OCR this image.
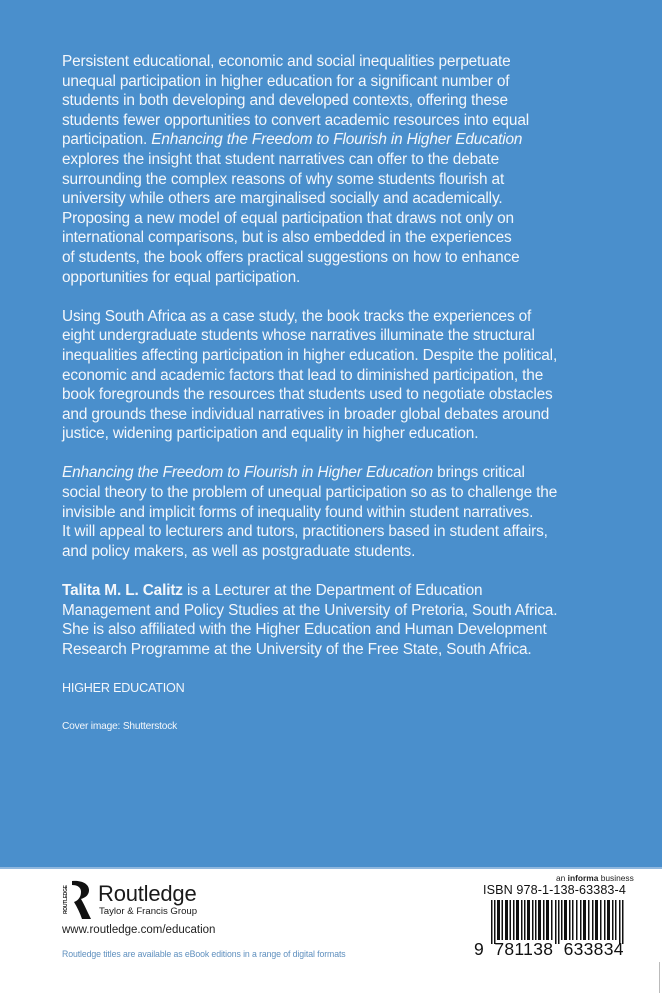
Persistent educational, economic and social inequalities perpetuate
unequal participation in higher education for a significant number of
students in both developing and developed contexts, offering these
students fewer opportunities to convert academic resources into equal
participation. Enhancing the Freedom to Flourish in Higher Education
explores the insight that student narratives can offer to the debate
surrounding the complex reasons of why some students flourish at
university while others are marginalised socially and academically.
Proposing a new model of equal participation that draws not only on
international comparisons, but is also embedded in the experiences
of students, the book offers practical suggestions on how to enhance
opportunities for equal participation.

Using South Africa as a case study, the book tracks the experiences of
eight undergraduate students whose narratives illuminate the structural
inequalities affecting participation in higher education. Despite the political,
economic and academic factors that lead to diminished participation, the
book foregrounds the resources that students used to negotiate obstacles
and grounds these individual narratives in broader global debates around
justice, widening participation and equality in higher education.

Enhancing the Freedom to Flourish in Higher Education brings critical
social theory to the problem of unequal participation so as to challenge the
invisible and implicit forms of inequality found within student narratives.
It will appeal to lecturers and tutors, practitioners based in student affairs,
and policy makers, as well as postgraduate students.

Talita M. L. Calitz is a Lecturer at the Department of Education
Management and Policy Studies at the University of Pretoria, South Africa.
She is also affiliated with the Higher Education and Human Development
Research Programme at the University of the Free State, South Africa.

HIGHER EDUCATION
Cover image: Shutterstock
ROUTLEDGE Routledge
Taylor & Francis Group
www.routledge.com/education
Routledge titles are available as eBook editions in a range of digital formats
an informa business
ISBN 978-1-138-63383-4
9  781138  633834
